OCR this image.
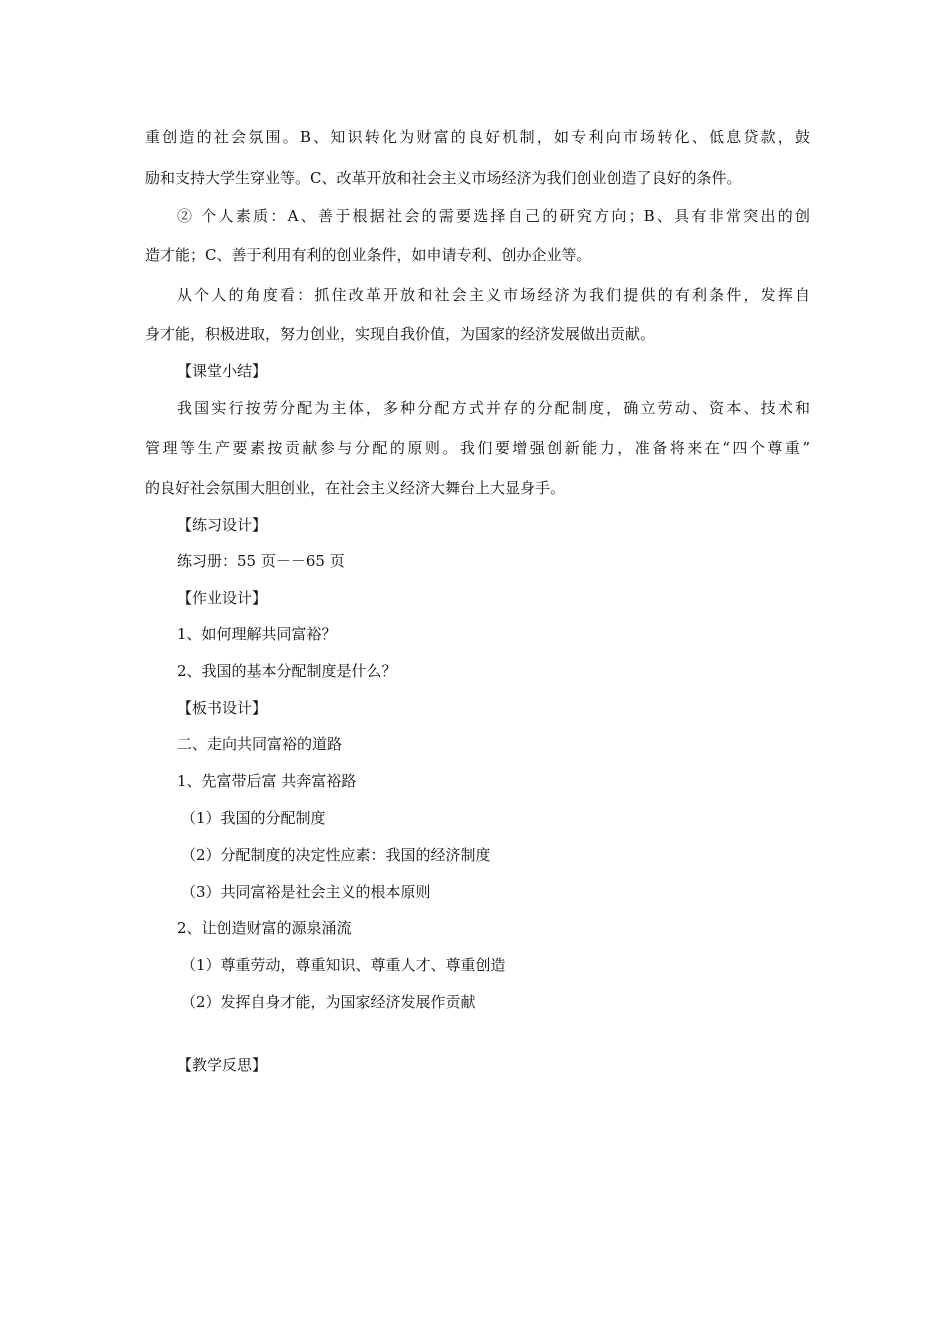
重创造的社会氛围。B、知识转化为财富的良好机制，如专利向市场转化、低息贷款，鼓
励和支持大学生穿业等。C、改革开放和社会主义市场经济为我们创业创造了良好的条件。
② 个人素质：A、善于根据社会的需要选择自己的研究方向；B、具有非常突出的创
造才能；C、善于利用有利的创业条件，如申请专利、创办企业等。
从个人的角度看：抓住改革开放和社会主义市场经济为我们提供的有利条件，发挥自
身才能，积极进取，努力创业，实现自我价值，为国家的经济发展做出贡献。
【课堂小结】
我国实行按劳分配为主体，多种分配方式并存的分配制度，确立劳动、资本、技术和
管理等生产要素按贡献参与分配的原则。我们要增强创新能力，准备将来在“四个尊重”
的良好社会氛围大胆创业，在社会主义经济大舞台上大显身手。
【练习设计】
练习册：55 页－－65 页
【作业设计】
1、如何理解共同富裕？
2、我国的基本分配制度是什么？
【板书设计】
二、走向共同富裕的道路
1、先富带后富 共奔富裕路
（1）我国的分配制度
（2）分配制度的决定性应素：我国的经济制度
（3）共同富裕是社会主义的根本原则
2、让创造财富的源泉涌流
（1）尊重劳动，尊重知识、尊重人才、尊重创造
（2）发挥自身才能，为国家经济发展作贡献
【教学反思】
